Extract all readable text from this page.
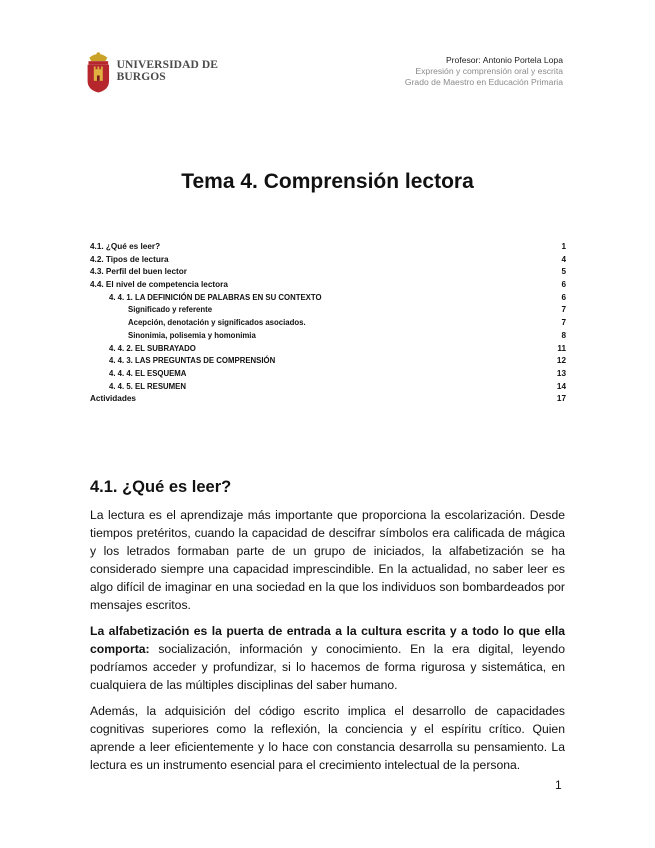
UNIVERSIDAD DE BURGOS
Profesor: Antonio Portela Lopa
Expresión y comprensión oral y escrita
Grado de Maestro en Educación Primaria
Tema 4. Comprensión lectora
4.1. ¿Qué es leer?	1
4.2. Tipos de lectura	4
4.3. Perfil del buen lector	5
4.4. El nivel de competencia lectora	6
4. 4. 1. LA DEFINICIÓN DE PALABRAS EN SU CONTEXTO	6
Significado y referente	7
Acepción, denotación y significados asociados.	7
Sinonimia, polisemia y homonimia	8
4. 4. 2. EL SUBRAYADO	11
4. 4. 3. LAS PREGUNTAS DE COMPRENSIÓN	12
4. 4. 4. EL ESQUEMA	13
4. 4. 5. EL RESUMEN	14
Actividades	17
4.1. ¿Qué es leer?

La lectura es el aprendizaje más importante que proporciona la escolarización. Desde tiempos pretéritos, cuando la capacidad de descifrar símbolos era calificada de mágica y los letrados formaban parte de un grupo de iniciados, la alfabetización se ha considerado siempre una capacidad imprescindible. En la actualidad, no saber leer es algo difícil de imaginar en una sociedad en la que los individuos son bombardeados por mensajes escritos.

La alfabetización es la puerta de entrada a la cultura escrita y a todo lo que ella comporta: socialización, información y conocimiento. En la era digital, leyendo podríamos acceder y profundizar, si lo hacemos de forma rigurosa y sistemática, en cualquiera de las múltiples disciplinas del saber humano.

Además, la adquisición del código escrito implica el desarrollo de capacidades cognitivas superiores como la reflexión, la conciencia y el espíritu crítico. Quien aprende a leer eficientemente y lo hace con constancia desarrolla su pensamiento. La lectura es un instrumento esencial para el crecimiento intelectual de la persona.

1
